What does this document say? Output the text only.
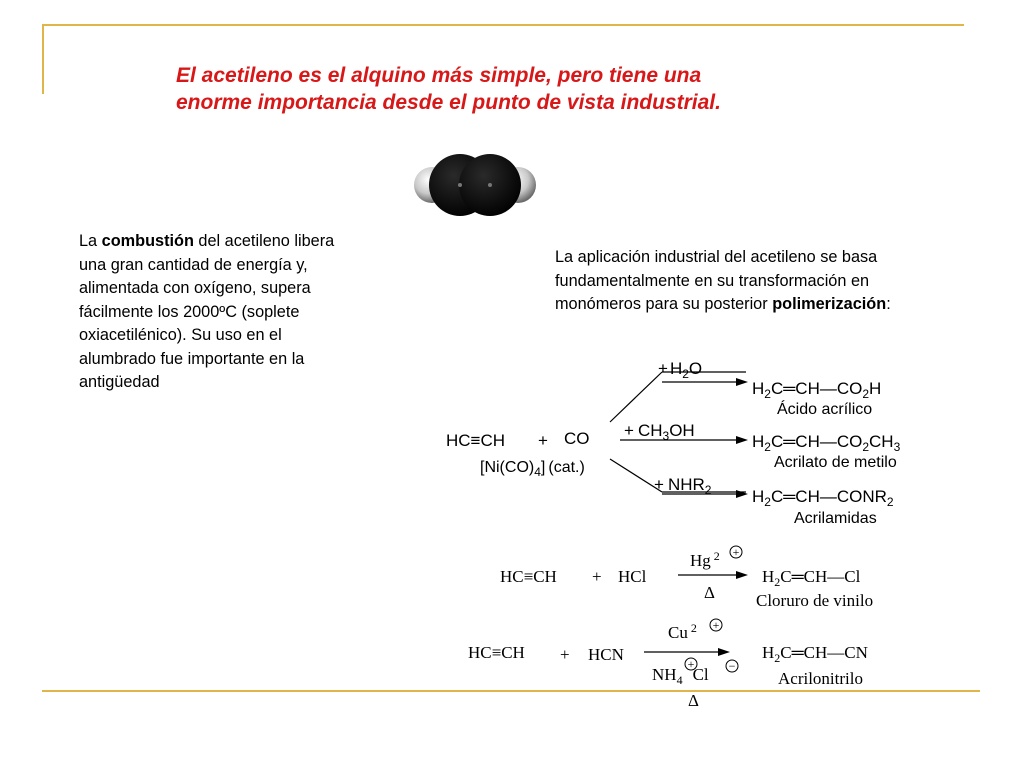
El acetileno es el alquino más simple, pero tiene una
enorme importancia desde el punto de vista industrial.
La combustión del acetileno libera una gran cantidad de energía y, alimentada con oxígeno, supera fácilmente los 2000ºC (soplete oxiacetilénico). Su uso en el alumbrado fue importante en la antigüedad
La aplicación industrial del acetileno se basa fundamentalmente en su transformación en monómeros para su posterior polimerización:
HC≡CH + CO
$[Ni(CO)_4]$ (cat.)
+ $H_2O$
+ $CH_3OH$
+ $NHR_2$
$H_2C═CH—CO_2H$
Ácido acrílico
$H_2C═CH—CO_2CH_3$
Acrilato de metilo
$H_2C═CH—CONR_2$
Acrilamidas
HC≡CH + HCl
Hg $^2$ +
Δ
$H_2C═CH—Cl$
Cloruro de vinilo
HC≡CH + HCN
Cu $^2$ +
$NH_4$ Cl
+	−
Δ
$H_2C═CH—CN$
Acrilonitrilo
